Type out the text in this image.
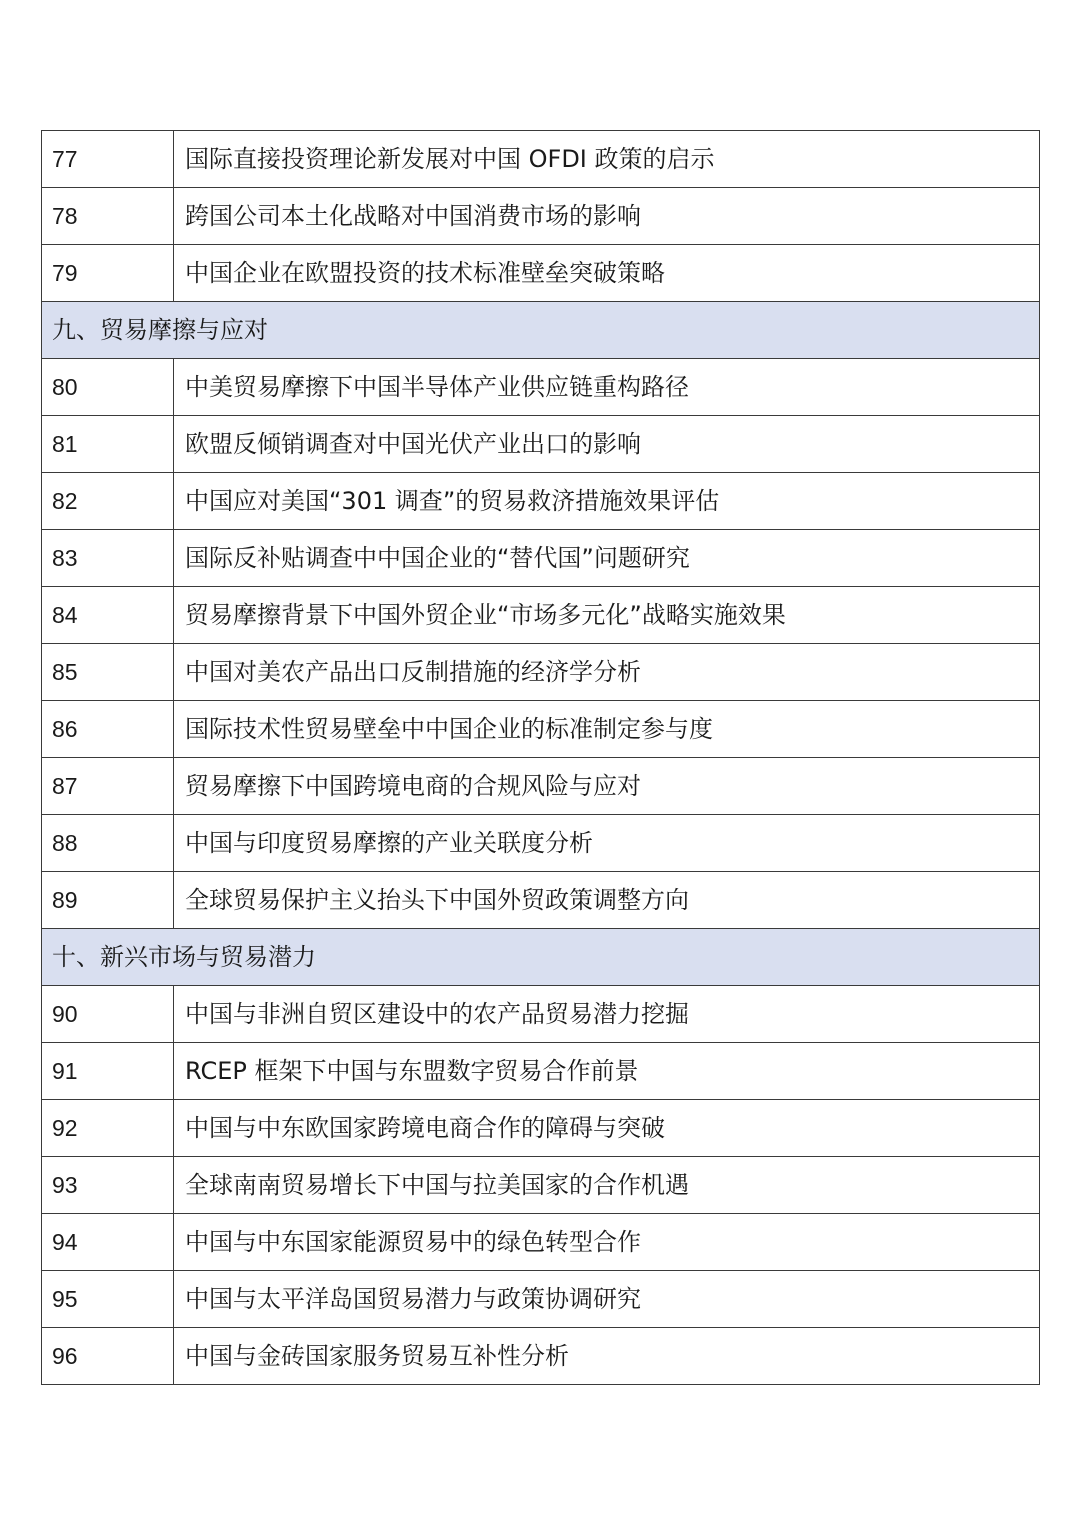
77	国际直接投资理论新发展对中国 OFDI 政策的启示
78	跨国公司本土化战略对中国消费市场的影响
79	中国企业在欧盟投资的技术标准壁垒突破策略
九、贸易摩擦与应对	
80	中美贸易摩擦下中国半导体产业供应链重构路径
81	欧盟反倾销调查对中国光伏产业出口的影响
82	中国应对美国“301 调查”的贸易救济措施效果评估
83	国际反补贴调查中中国企业的“替代国”问题研究
84	贸易摩擦背景下中国外贸企业“市场多元化”战略实施效果
85	中国对美农产品出口反制措施的经济学分析
86	国际技术性贸易壁垒中中国企业的标准制定参与度
87	贸易摩擦下中国跨境电商的合规风险与应对
88	中国与印度贸易摩擦的产业关联度分析
89	全球贸易保护主义抬头下中国外贸政策调整方向
十、新兴市场与贸易潜力	
90	中国与非洲自贸区建设中的农产品贸易潜力挖掘
91	RCEP 框架下中国与东盟数字贸易合作前景
92	中国与中东欧国家跨境电商合作的障碍与突破
93	全球南南贸易增长下中国与拉美国家的合作机遇
94	中国与中东国家能源贸易中的绿色转型合作
95	中国与太平洋岛国贸易潜力与政策协调研究
96	中国与金砖国家服务贸易互补性分析
